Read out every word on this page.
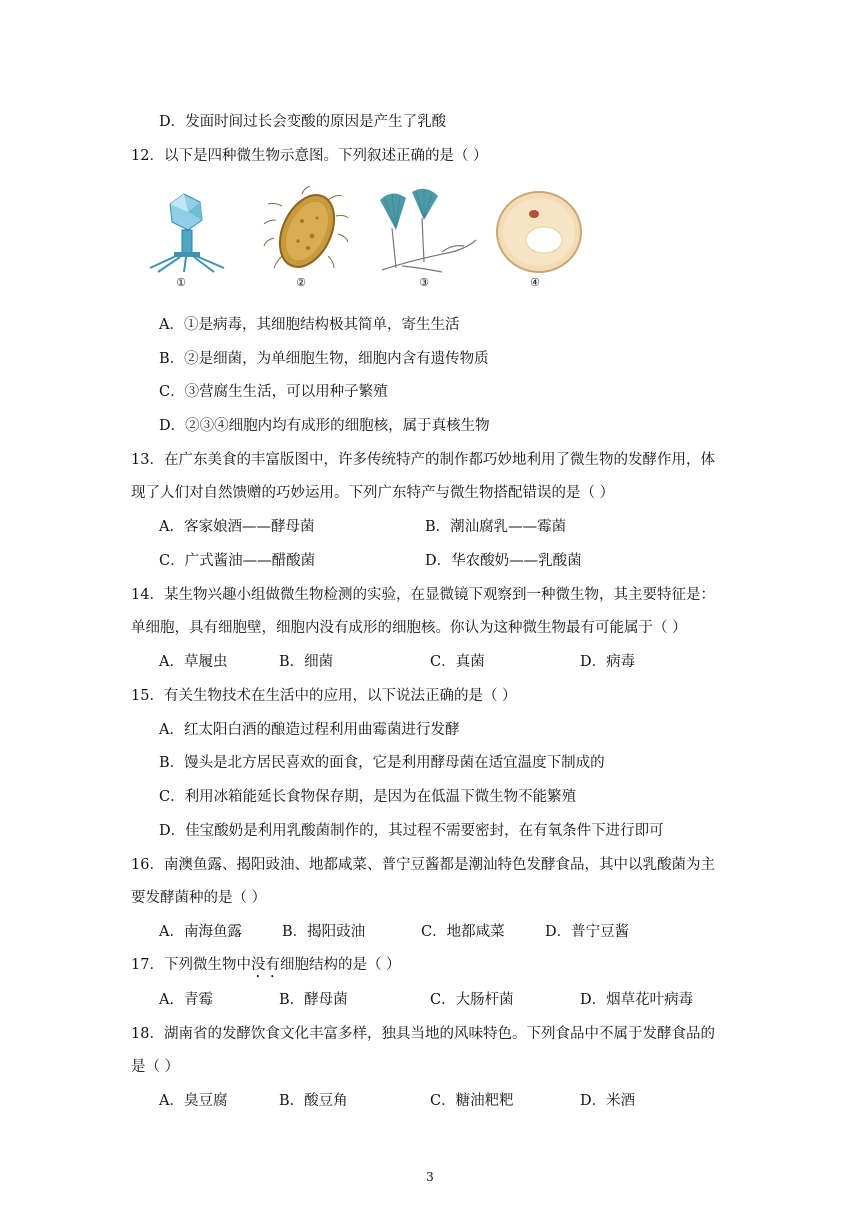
D．发面时间过长会变酸的原因是产生了乳酸
12．以下是四种微生物示意图。下列叙述正确的是（ ）
①	②	③	④
A．①是病毒，其细胞结构极其简单，寄生生活
B．②是细菌，为单细胞生物，细胞内含有遗传物质
C．③营腐生生活，可以用种子繁殖
D．②③④细胞内均有成形的细胞核，属于真核生物
13．在广东美食的丰富版图中，许多传统特产的制作都巧妙地利用了微生物的发酵作用，体
现了人们对自然馈赠的巧妙运用。下列广东特产与微生物搭配错误的是（ ）
A．客家娘酒——酵母菌	B．潮汕腐乳——霉菌
C．广式酱油——醋酸菌	D．华农酸奶——乳酸菌
14．某生物兴趣小组做微生物检测的实验，在显微镜下观察到一种微生物，其主要特征是：
单细胞，具有细胞壁，细胞内没有成形的细胞核。你认为这种微生物最有可能属于（ ）
A．草履虫	B．细菌	C．真菌	D．病毒
15．有关生物技术在生活中的应用，以下说法正确的是（ ）
A．红太阳白酒的酿造过程利用曲霉菌进行发酵
B．馒头是北方居民喜欢的面食，它是利用酵母菌在适宜温度下制成的
C．利用冰箱能延长食物保存期，是因为在低温下微生物不能繁殖
D．佳宝酸奶是利用乳酸菌制作的，其过程不需要密封，在有氧条件下进行即可
16．南澳鱼露、揭阳豉油、地都咸菜、普宁豆酱都是潮汕特色发酵食品，其中以乳酸菌为主
要发酵菌种的是（ ）
A．南海鱼露	B．揭阳豉油	C．地都咸菜	D．普宁豆酱
17．下列微生物中没有细胞结构的是（ ）
A．青霉	B．酵母菌	C．大肠杆菌	D．烟草花叶病毒
18．湖南省的发酵饮食文化丰富多样，独具当地的风味特色。下列食品中不属于发酵食品的
是（ ）
A．臭豆腐	B．酸豆角	C．糖油粑粑	D．米酒
3
